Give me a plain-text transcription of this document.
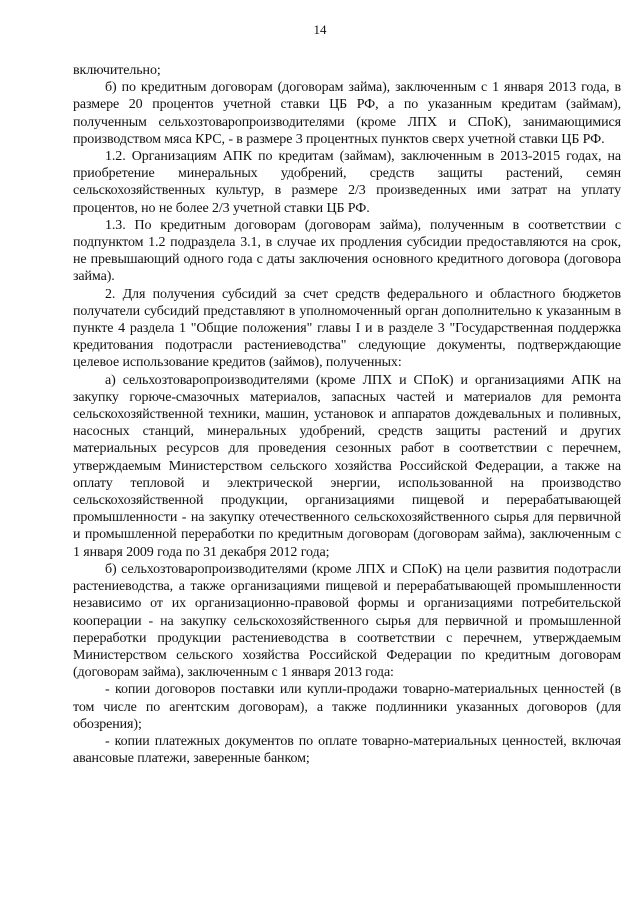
14

включительно;

б) по кредитным договорам (договорам займа), заключенным с 1 января 2013 года, в размере 20 процентов учетной ставки ЦБ РФ, а по указанным кредитам (займам), полученным сельхозтоваропроизводителями (кроме ЛПХ и СПоК), занимающимися производством мяса КРС, - в размере 3 процентных пунктов сверх учетной ставки ЦБ РФ.

1.2. Организациям АПК по кредитам (займам), заключенным в 2013-2015 годах, на приобретение минеральных удобрений, средств защиты растений, семян сельскохозяйственных культур, в размере 2/3 произведенных ими затрат на уплату процентов, но не более 2/3 учетной ставки ЦБ РФ.

1.3. По кредитным договорам (договорам займа), полученным в соответствии с подпунктом 1.2 подраздела 3.1, в случае их продления субсидии предоставляются на срок, не превышающий одного года с даты заключения основного кредитного договора (договора займа).

2. Для получения субсидий за счет средств федерального и областного бюджетов получатели субсидий представляют в уполномоченный орган дополнительно к указанным в пункте 4 раздела 1 "Общие положения" главы I и в разделе 3 "Государственная поддержка кредитования подотрасли растениеводства" следующие документы, подтверждающие целевое использование кредитов (займов), полученных:

а) сельхозтоваропроизводителями (кроме ЛПХ и СПоК) и организациями АПК на закупку горюче-смазочных материалов, запасных частей и материалов для ремонта сельскохозяйственной техники, машин, установок и аппаратов дождевальных и поливных, насосных станций, минеральных удобрений, средств защиты растений и других материальных ресурсов для проведения сезонных работ в соответствии с перечнем, утверждаемым Министерством сельского хозяйства Российской Федерации, а также на оплату тепловой и электрической энергии, использованной на производство сельскохозяйственной продукции, организациями пищевой и перерабатывающей промышленности - на закупку отечественного сельскохозяйственного сырья для первичной и промышленной переработки по кредитным договорам (договорам займа), заключенным с 1 января 2009 года по 31 декабря 2012 года;

б) сельхозтоваропроизводителями (кроме ЛПХ и СПоК) на цели развития подотрасли растениеводства, а также организациями пищевой и перерабатывающей промышленности независимо от их организационно-правовой формы и организациями потребительской кооперации - на закупку сельскохозяйственного сырья для первичной и промышленной переработки продукции растениеводства в соответствии с перечнем, утверждаемым Министерством сельского хозяйства Российской Федерации по кредитным договорам (договорам займа), заключенным с 1 января 2013 года:

- копии договоров поставки или купли-продажи товарно-материальных ценностей (в том числе по агентским договорам), а также подлинники указанных договоров (для обозрения);

- копии платежных документов по оплате товарно-материальных ценностей, включая авансовые платежи, заверенные банком;
